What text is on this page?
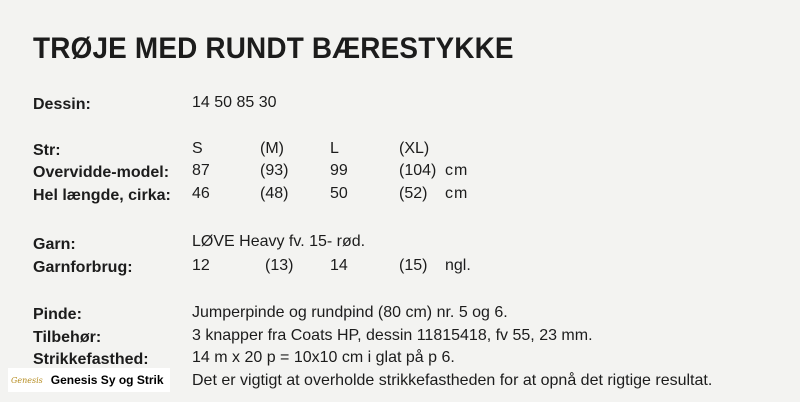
TRØJE MED RUNDT BÆRESTYKKE
Dessin:	14 50 85 30
Str:	S	(M)	L	(XL)
Overvidde-model: 87	(93)	99	(104) cm
Hel længde, cirka: 46	(48)	50	(52) cm
Garn:	LØVE Heavy fv. 15- rød.
Garnforbrug:	12	(13) 14	(15) ngl.
Pinde:	Jumperpinde og rundpind (80 cm) nr. 5 og 6.
Tilbehør:	3 knapper fra Coats HP, dessin 11815418, fv 55, 23 mm.
Strikkefasthed:	14 m x 20 p = 10x10 cm i glat på p 6.
Det er vigtigt at overholde strikkefastheden for at opnå det rigtige resultat.
Genesis Genesis Sy og Strik
